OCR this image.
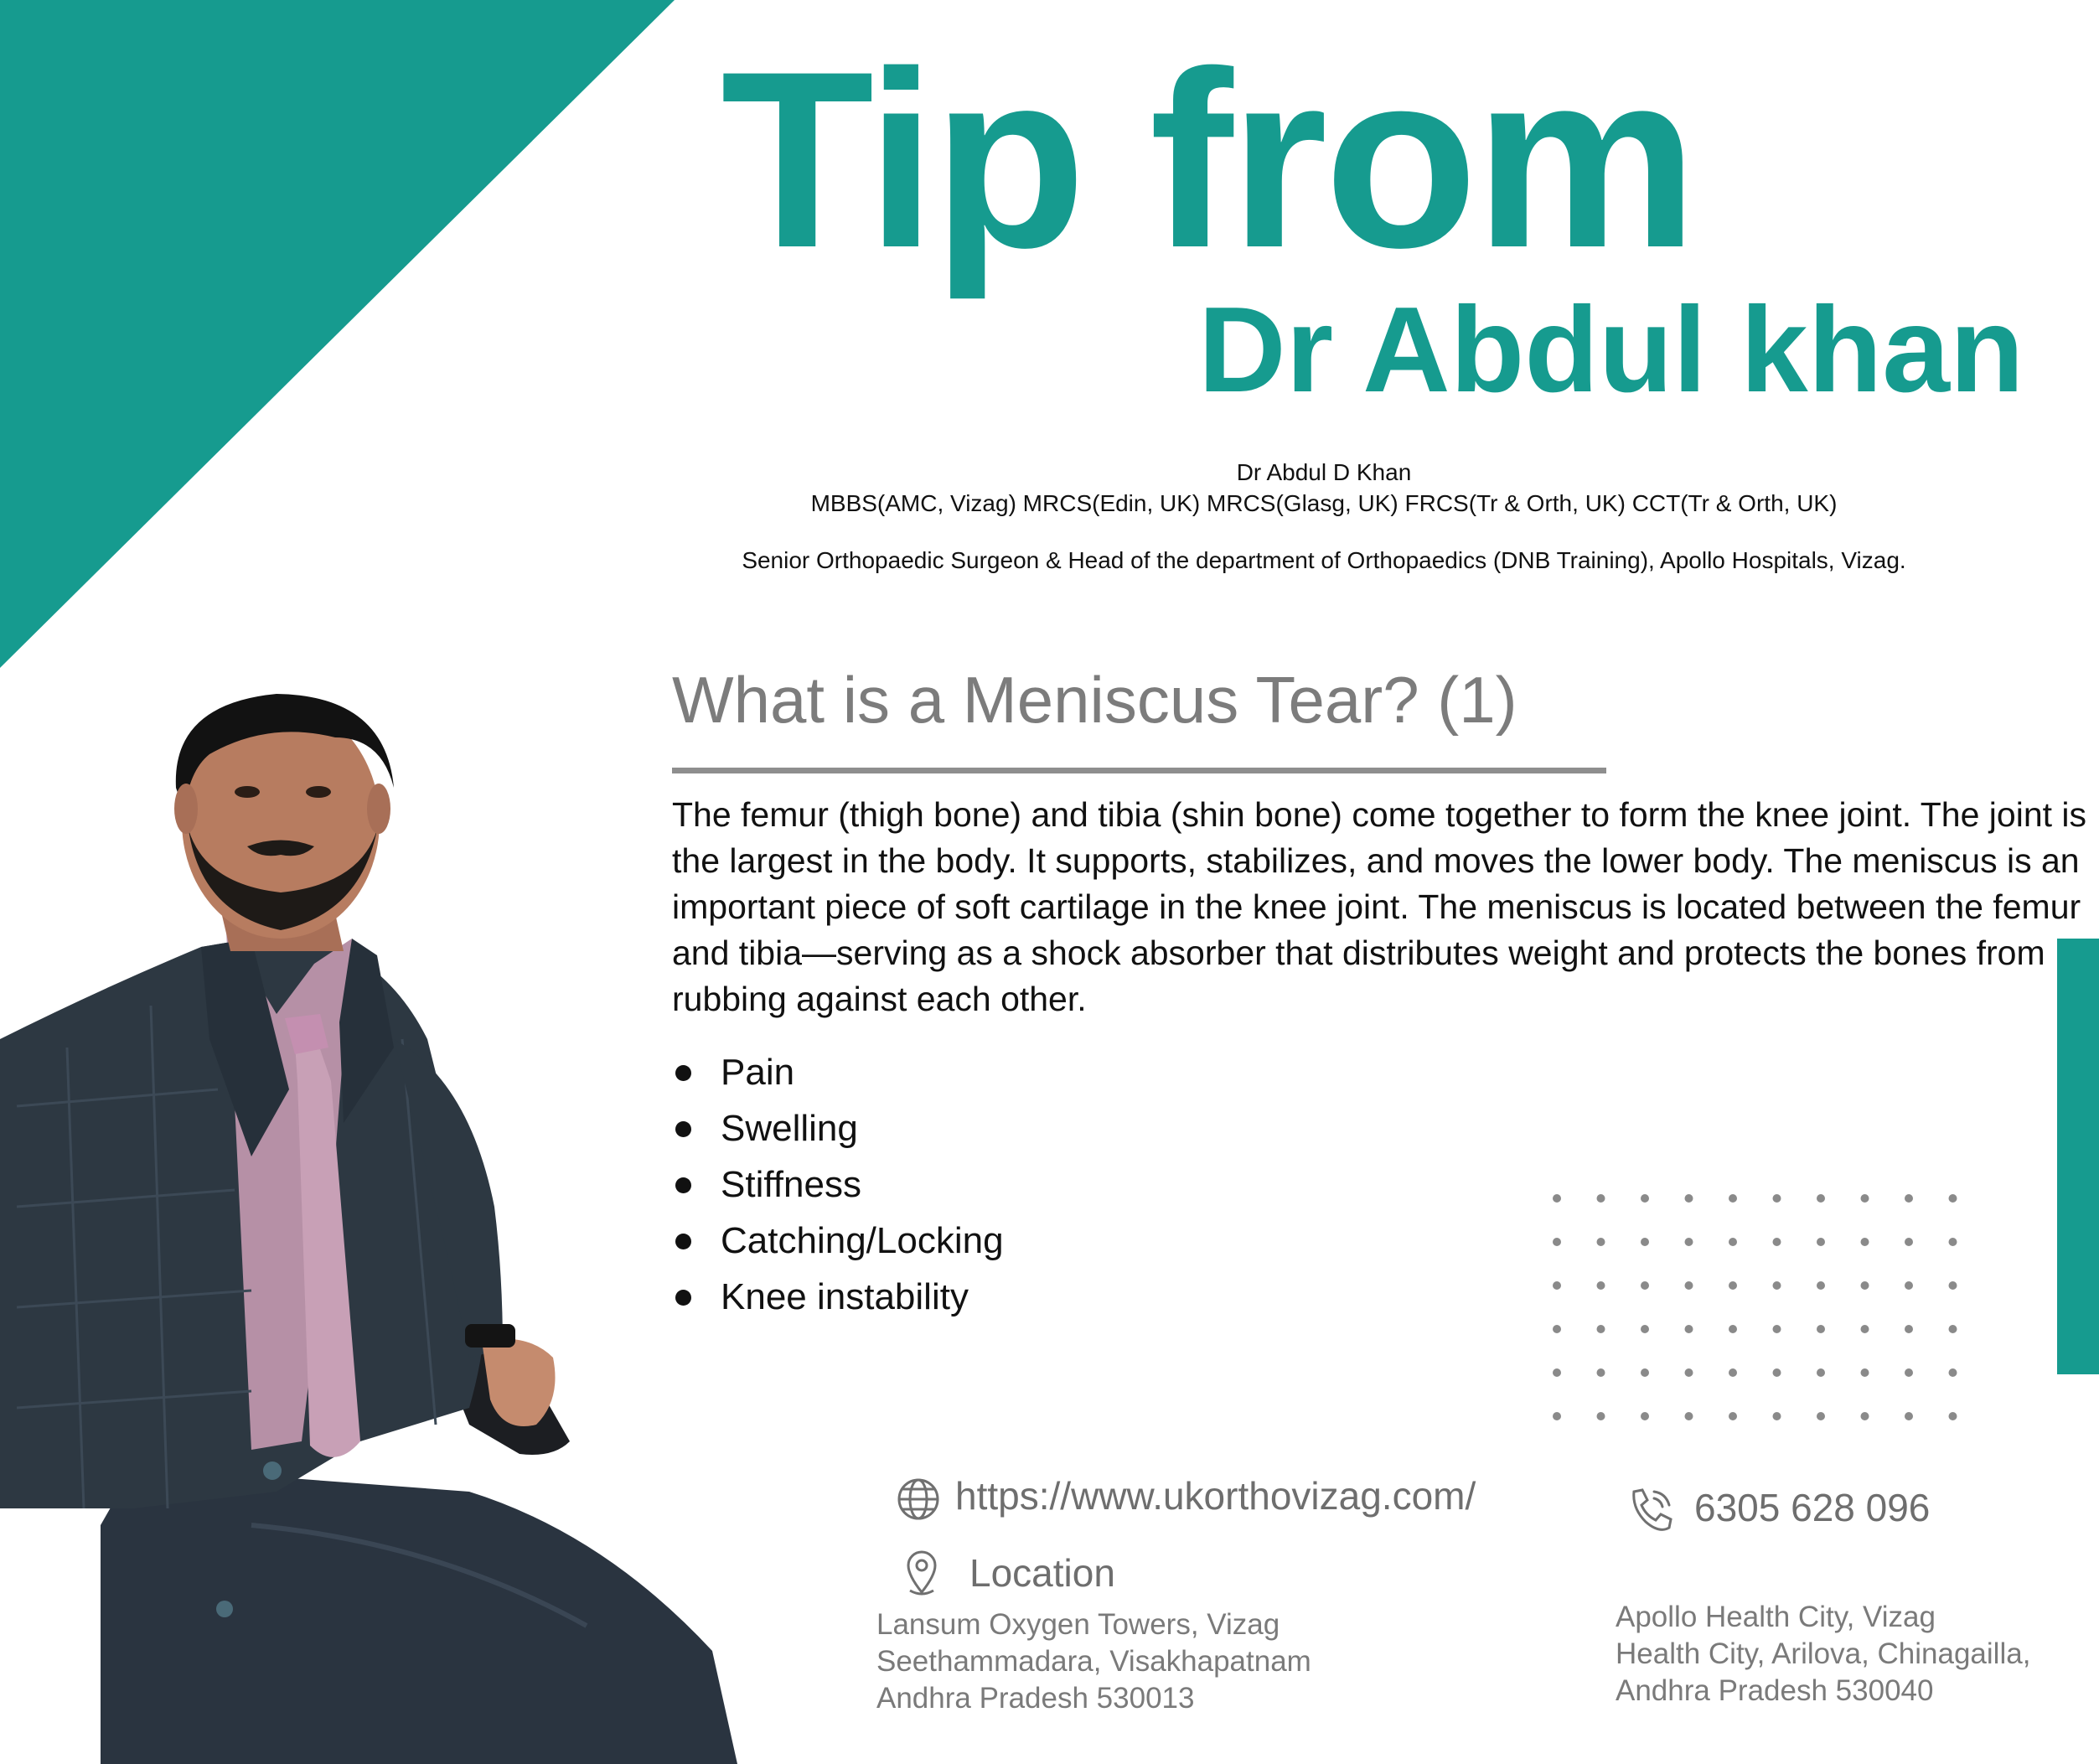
Tip from
Dr Abdul khan
Dr Abdul D Khan
MBBS(AMC, Vizag) MRCS(Edin, UK) MRCS(Glasg, UK) FRCS(Tr & Orth, UK) CCT(Tr & Orth, UK)
Senior Orthopaedic Surgeon & Head of the department of Orthopaedics (DNB Training), Apollo Hospitals, Vizag.
What is a Meniscus Tear? (1)
The femur (thigh bone) and tibia (shin bone) come together to form the knee joint. The joint is the largest in the body. It supports, stabilizes, and moves the lower body. The meniscus is an important piece of soft cartilage in the knee joint. The meniscus is located between the femur and tibia—serving as a shock absorber that distributes weight and protects the bones from rubbing against each other.
Pain
Swelling
Stiffness
Catching/Locking
Knee instability
https://www.ukorthovizag.com/	6305 628 096
Location
Lansum Oxygen Towers, Vizag
Seethammadara, Visakhapatnam
Andhra Pradesh 530013
Apollo Health City, Vizag
Health City, Arilova, Chinagailla,
Andhra Pradesh 530040
